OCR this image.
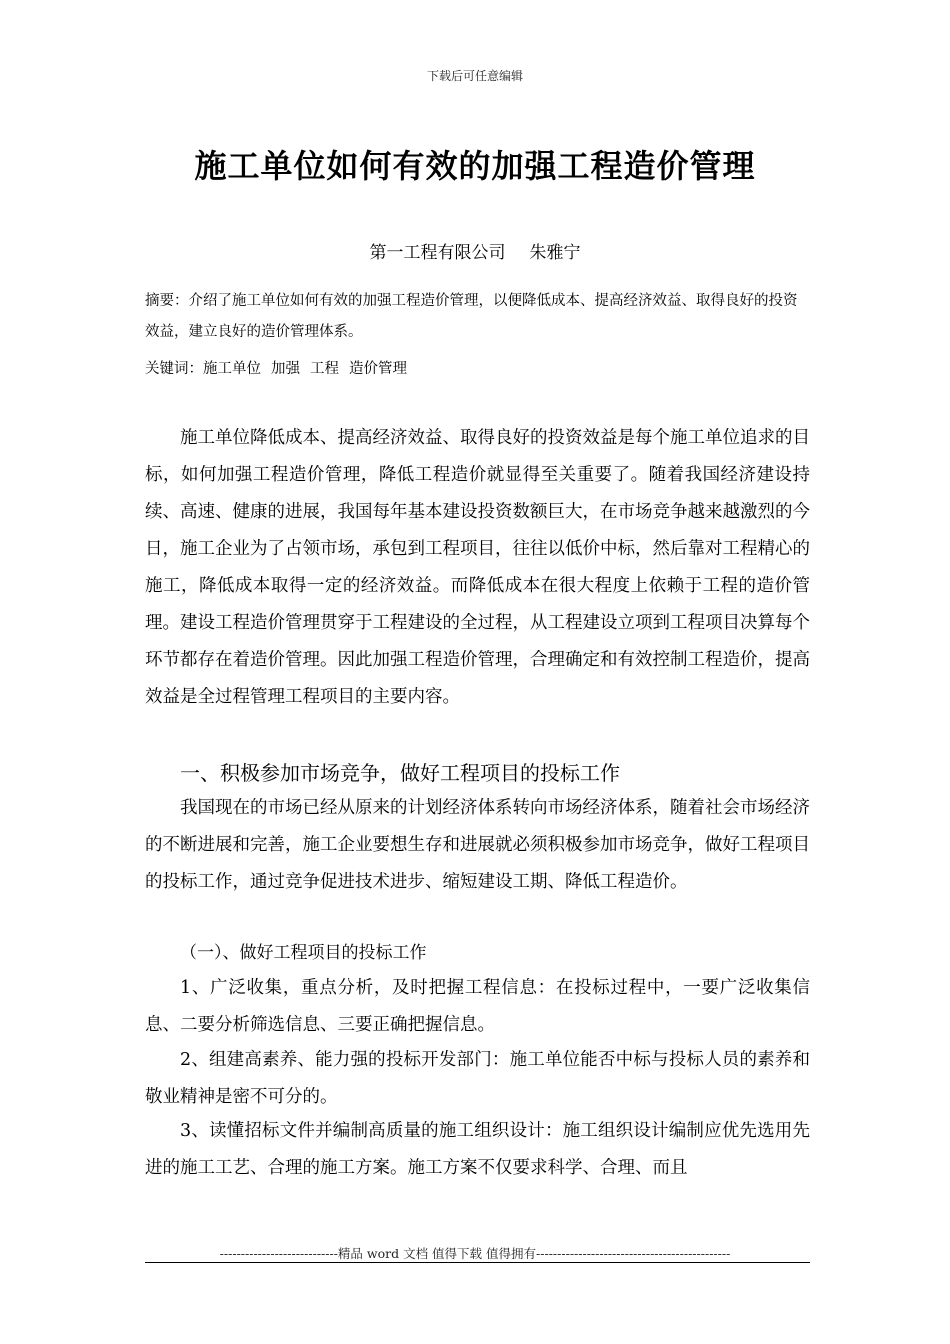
下载后可任意编辑
施工单位如何有效的加强工程造价管理
第一工程有限公司 朱雅宁
摘要：介绍了施工单位如何有效的加强工程造价管理，以便降低成本、提高经济效益、取得良好的投资效益，建立良好的造价管理体系。
关键词：施工单位 加强 工程 造价管理

施工单位降低成本、提高经济效益、取得良好的投资效益是每个施工单位追求的目标，如何加强工程造价管理，降低工程造价就显得至关重要了。随着我国经济建设持续、高速、健康的进展，我国每年基本建设投资数额巨大，在市场竞争越来越激烈的今日，施工企业为了占领市场，承包到工程项目，往往以低价中标，然后靠对工程精心的施工，降低成本取得一定的经济效益。而降低成本在很大程度上依赖于工程的造价管理。建设工程造价管理贯穿于工程建设的全过程，从工程建设立项到工程项目决算每个环节都存在着造价管理。因此加强工程造价管理，合理确定和有效控制工程造价，提高效益是全过程管理工程项目的主要内容。

一、积极参加市场竞争，做好工程项目的投标工作

我国现在的市场已经从原来的计划经济体系转向市场经济体系，随着社会市场经济的不断进展和完善，施工企业要想生存和进展就必须积极参加市场竞争，做好工程项目的投标工作，通过竞争促进技术进步、缩短建设工期、降低工程造价。

（一）、做好工程项目的投标工作

1、广泛收集，重点分析，及时把握工程信息：在投标过程中，一要广泛收集信息、二要分析筛选信息、三要正确把握信息。

2、组建高素养、能力强的投标开发部门：施工单位能否中标与投标人员的素养和敬业精神是密不可分的。

3、读懂招标文件并编制高质量的施工组织设计：施工组织设计编制应优先选用先进的施工工艺、合理的施工方案。施工方案不仅要求科学、合理、而且

----------------------------精品 word 文档 值得下载 值得拥有----------------------------------------------
